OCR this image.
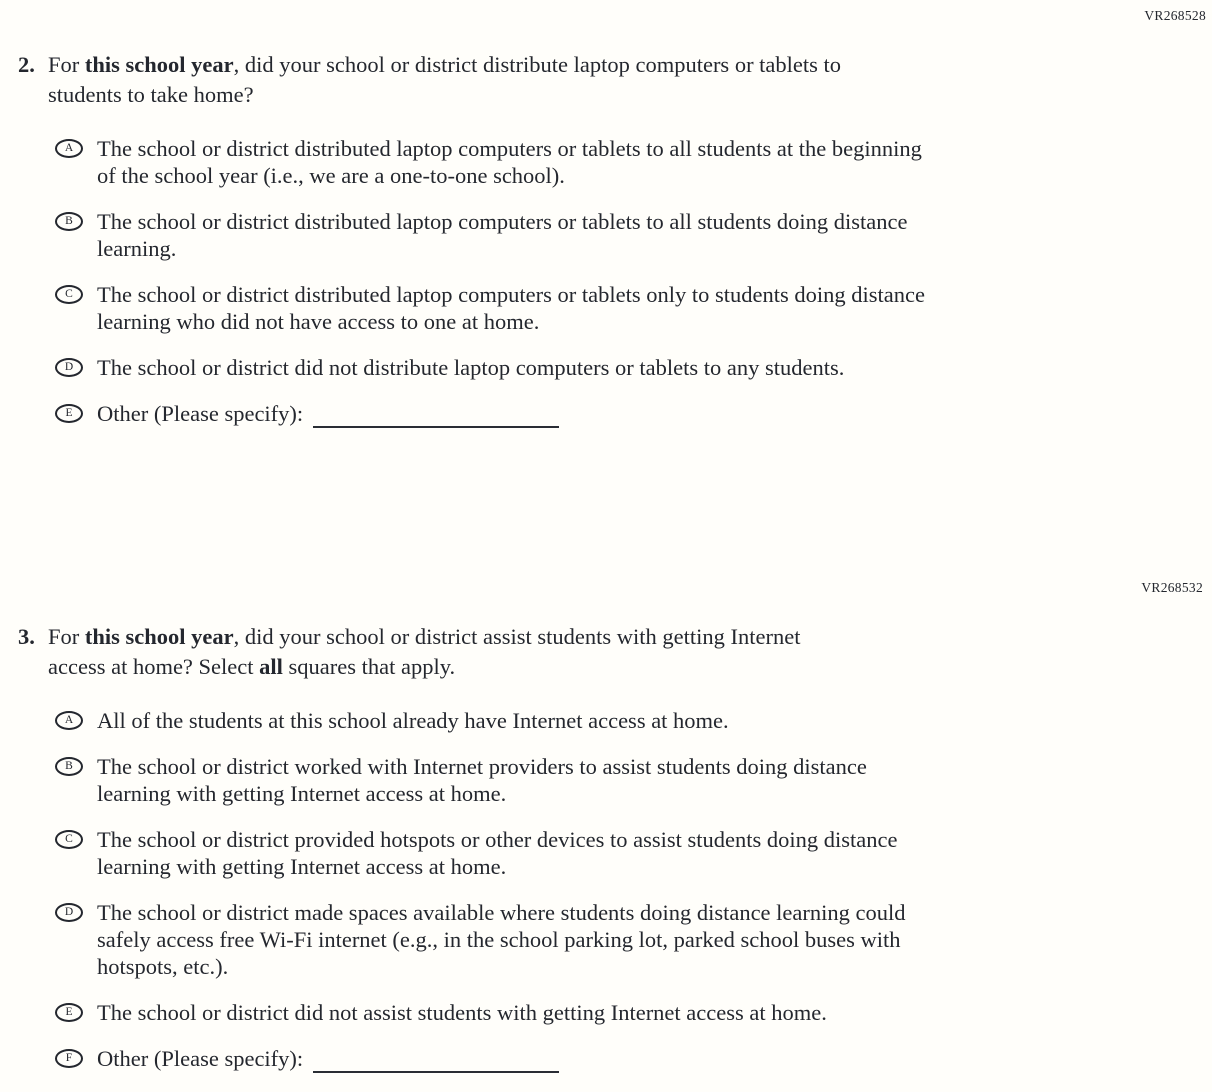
VR268528
2. For this school year, did your school or district distribute laptop computers or tablets to
students to take home?
A	The school or district distributed laptop computers or tablets to all students at the beginning
of the school year (i.e., we are a one-to-one school).
B	The school or district distributed laptop computers or tablets to all students doing distance
learning.
C	The school or district distributed laptop computers or tablets only to students doing distance
learning who did not have access to one at home.
D	The school or district did not distribute laptop computers or tablets to any students.
E	Other (Please specify):
VR268532
3. For this school year, did your school or district assist students with getting Internet
access at home? Select all squares that apply.
A	All of the students at this school already have Internet access at home.
B	The school or district worked with Internet providers to assist students doing distance
learning with getting Internet access at home.
C	The school or district provided hotspots or other devices to assist students doing distance
learning with getting Internet access at home.
D	The school or district made spaces available where students doing distance learning could
safely access free Wi-Fi internet (e.g., in the school parking lot, parked school buses with
hotspots, etc.).
E	The school or district did not assist students with getting Internet access at home.
F	Other (Please specify):
